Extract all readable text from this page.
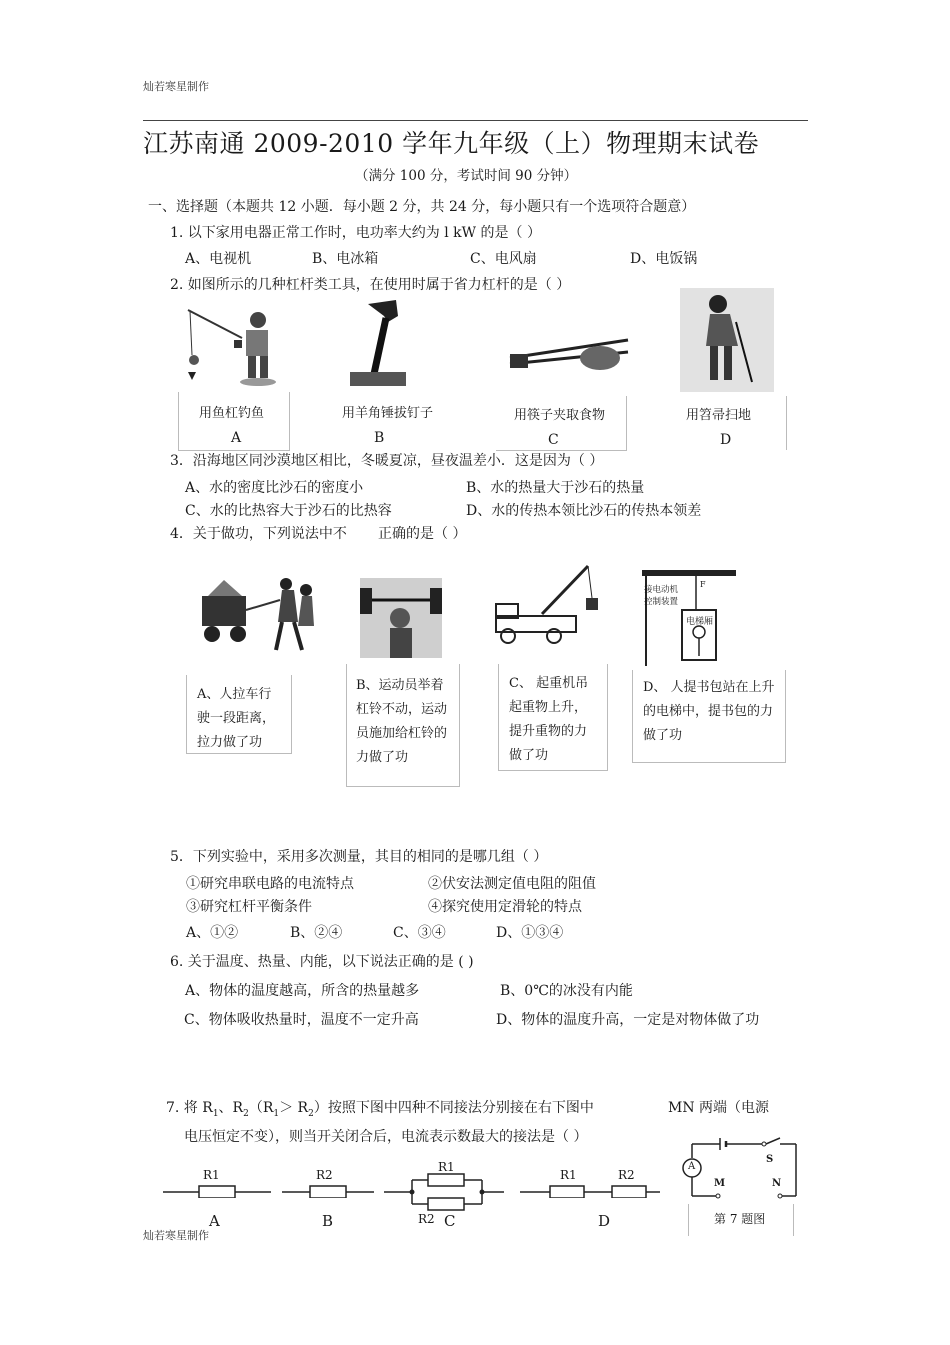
灿若寒星制作
江苏南通 2009-2010 学年九年级（上）物理期末试卷
（满分 100 分，考试时间 90 分钟）
一、选择题（本题共 12 小题．每小题 2 分，共 24 分，每小题只有一个选项符合题意）
1. 以下家用电器正常工作时，电功率大约为 l kW 的是（ ）
A、电视机	B、电冰箱	C、电风扇	D、电饭锅
2. 如图所示的几种杠杆类工具，在使用时属于省力杠杆的是（ ）
用鱼杠钓鱼
A
用羊角锤拔钉子
B
用筷子夹取食物
C
用笤帚扫地
D
3．沿海地区同沙漠地区相比，冬暖夏凉，昼夜温差小．这是因为（ ）
A、水的密度比沙石的密度小	B、水的热量大于沙石的热量
C、水的比热容大于沙石的比热容	D、水的传热本领比沙石的传热本领差
4．关于做功，下列说法中不 正确的是（ ）
接电动机控制装置
电梯厢
F
A、人拉车行驶一段距离，拉力做了功
B、运动员举着杠铃不动，运动员施加给杠铃的力做了功
C、 起重机吊起重物上升，提升重物的力做了功
D、 人提书包站在上升的电梯中，提书包的力做了功
5．下列实验中，采用多次测量，其目的相同的是哪几组（ ）
①研究串联电路的电流特点	②伏安法测定值电阻的阻值
③研究杠杆平衡条件	④探究使用定滑轮的特点
A、①②	B、②④	C、③④	D、①③④
6. 关于温度、热量、内能，以下说法正确的是 ( )
A、物体的温度越高，所含的热量越多	B、0℃的冰没有内能
C、物体吸收热量时，温度不一定升高	D、物体的温度升高，一定是对物体做了功
7. 将 $R_1$、$R_2(R_1> R_2)$按照下图中四种不同接法分别接在右下图中	MN 两端（电源
电压恒定不变），则当开关闭合后，电流表示数最大的接法是（ ）
R1
A
R2
B
R1
R2 C
R1	R2
D
A
S
M	N
第 7 题图
灿若寒星制作
